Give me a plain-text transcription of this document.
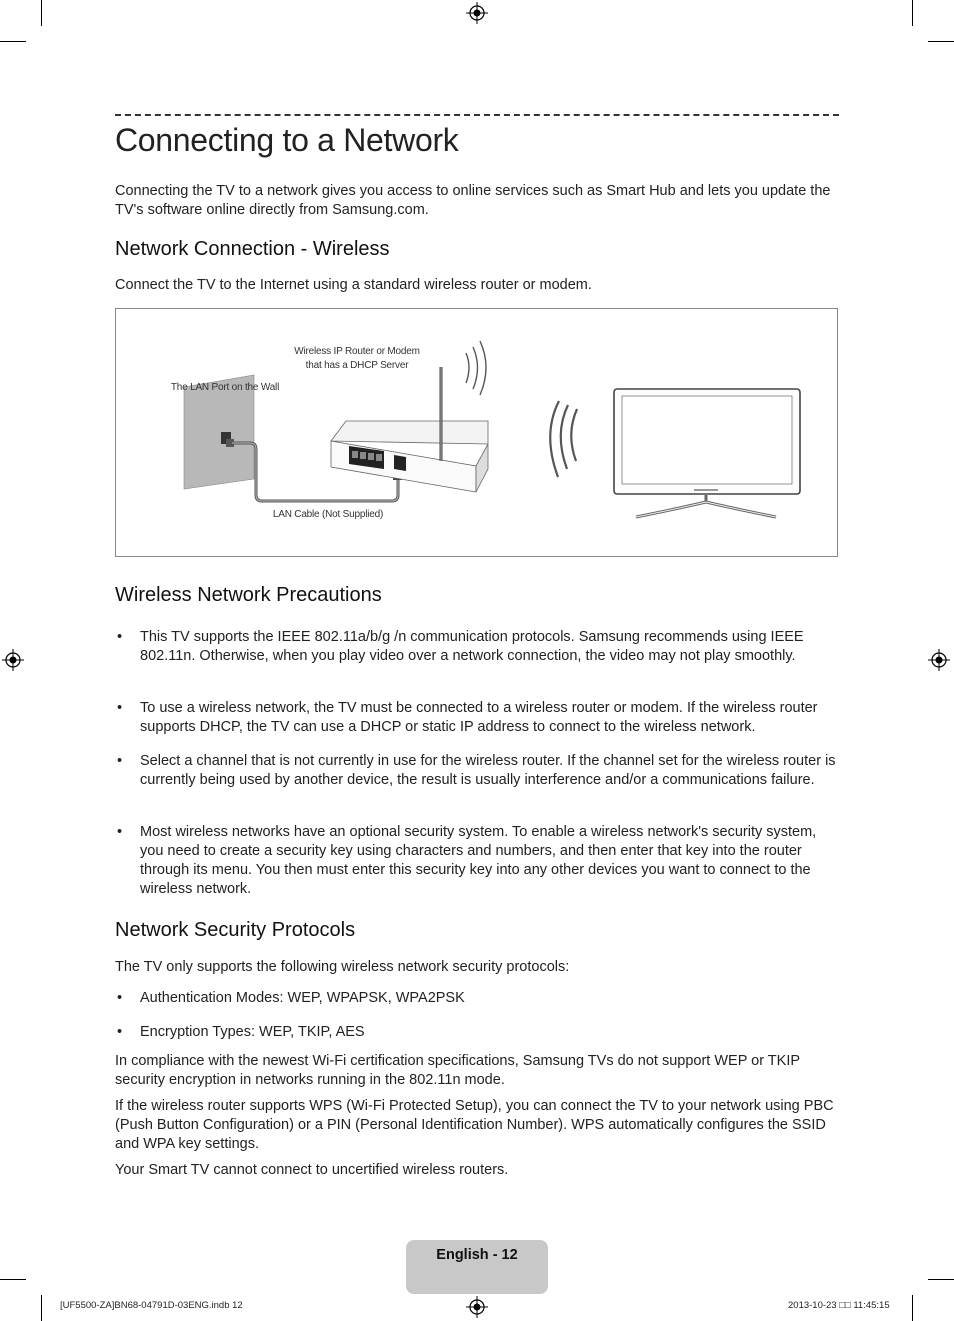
Connecting to a Network

Connecting the TV to a network gives you access to online services such as Smart Hub and lets you update the TV's software online directly from Samsung.com.

Network Connection - Wireless

Connect the TV to the Internet using a standard wireless router or modem.

Wireless IP Router or Modem
that has a DHCP Server
The LAN Port on the Wall
LAN Cable (Not Supplied)
Wireless Network Precautions
• This TV supports the IEEE 802.11a/b/g /n communication protocols. Samsung recommends using IEEE 802.11n. Otherwise, when you play video over a network connection, the video may not play smoothly.
• To use a wireless network, the TV must be connected to a wireless router or modem. If the wireless router supports DHCP, the TV can use a DHCP or static IP address to connect to the wireless network.
• Select a channel that is not currently in use for the wireless router. If the channel set for the wireless router is currently being used by another device, the result is usually interference and/or a communications failure.
• Most wireless networks have an optional security system. To enable a wireless network's security system, you need to create a security key using characters and numbers, and then enter that key into the router through its menu. You then must enter this security key into any other devices you want to connect to the wireless network.
Network Security Protocols

The TV only supports the following wireless network security protocols:

• Authentication Modes: WEP, WPAPSK, WPA2PSK
• Encryption Types: WEP, TKIP, AES

In compliance with the newest Wi-Fi certification specifications, Samsung TVs do not support WEP or TKIP security encryption in networks running in the 802.11n mode.

If the wireless router supports WPS (Wi-Fi Protected Setup), you can connect the TV to your network using PBC (Push Button Configuration) or a PIN (Personal Identification Number). WPS automatically configures the SSID and WPA key settings.

Your Smart TV cannot connect to uncertified wireless routers.

English - 12
[UF5500-ZA]BN68-04791D-03ENG.indb 12	2013-10-23 □□ 11:45:15
